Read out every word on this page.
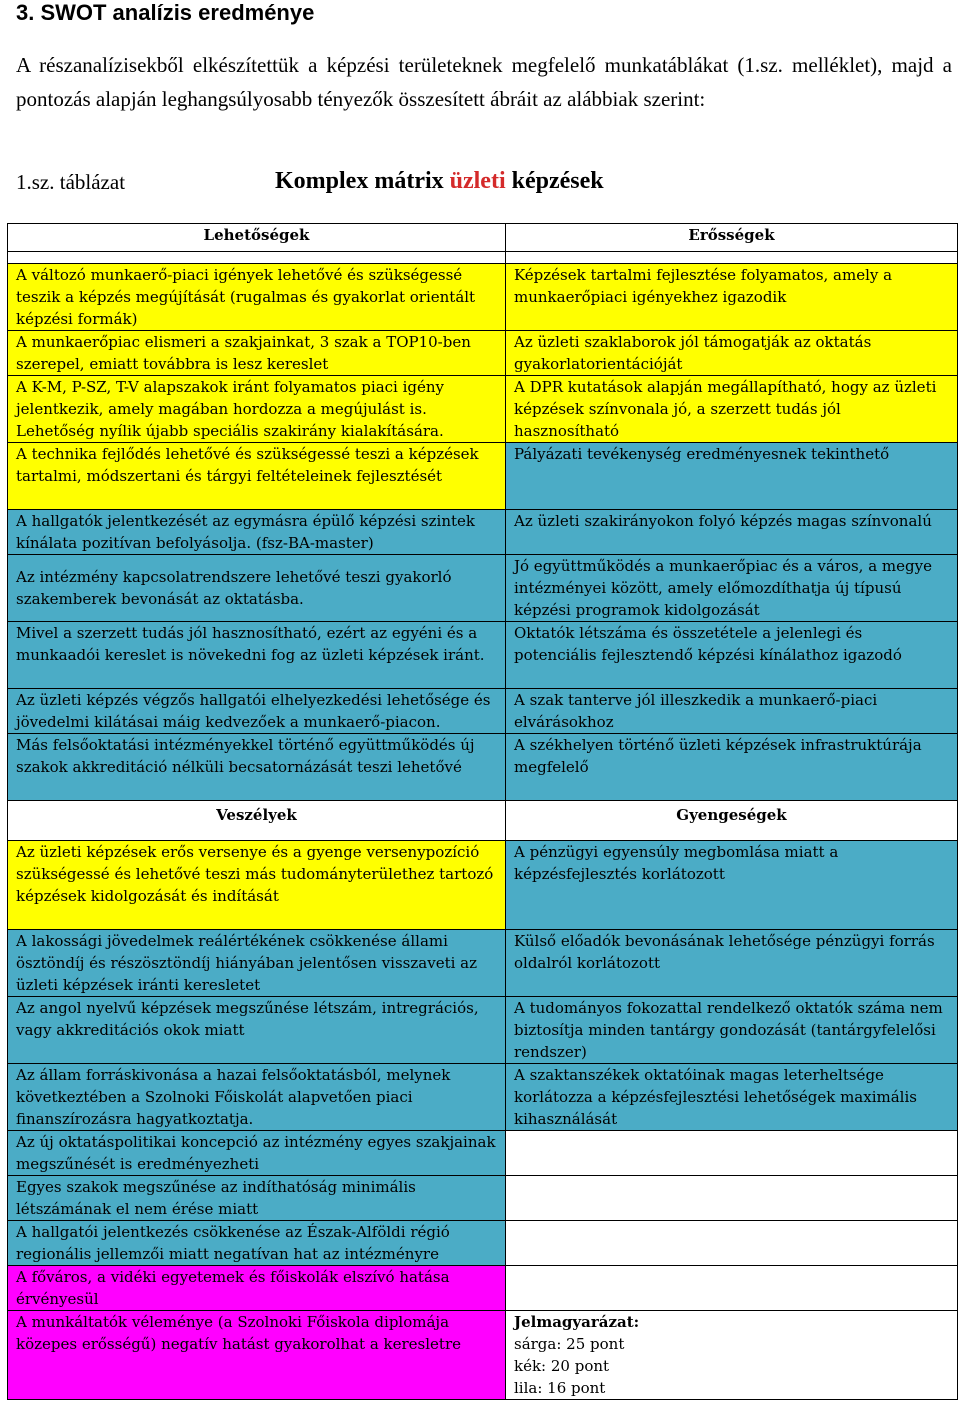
3. SWOT analízis eredménye
A részanalízisekből elkészítettük a képzési területeknek megfelelő munkatáblákat (1.sz. melléklet), majd a pontozás alapján leghangsúlyosabb tényezők összesített ábráit az alábbiak szerint:
1.sz. táblázat	Komplex mátrix üzleti képzések
Lehetőségek	Erősségek

A változó munkaerő-piaci igények lehetővé és szükségessé teszik a képzés megújítását (rugalmas és gyakorlat orientált képzési formák)	Képzések tartalmi fejlesztése folyamatos, amely a munkaerőpiaci igényekhez igazodik
A munkaerőpiac elismeri a szakjainkat, 3 szak a TOP10-ben szerepel, emiatt továbbra is lesz kereslet	Az üzleti szaklaborok jól támogatják az oktatás gyakorlatorientációját
A K-M, P-SZ, T-V alapszakok iránt folyamatos piaci igény jelentkezik, amely magában hordozza a megújulást is. Lehetőség nyílik újabb speciális szakirány kialakítására.	A DPR kutatások alapján megállapítható, hogy az üzleti képzések színvonala jó, a szerzett tudás jól hasznosítható
A technika fejlődés lehetővé és szükségessé teszi a képzések tartalmi, módszertani és tárgyi feltételeinek fejlesztését	Pályázati tevékenység eredményesnek tekinthető
A hallgatók jelentkezését az egymásra épülő képzési szintek kínálata pozitívan befolyásolja. (fsz-BA-master)	Az üzleti szakirányokon folyó képzés magas színvonalú
Az intézmény kapcsolatrendszere lehetővé teszi gyakorló szakemberek bevonását az oktatásba.	Jó együttműködés a munkaerőpiac és a város, a megye intézményei között, amely előmozdíthatja új típusú képzési programok kidolgozását
Mivel a szerzett tudás jól hasznosítható, ezért az egyéni és a munkaadói kereslet is növekedni fog az üzleti képzések iránt.	Oktatók létszáma és összetétele a jelenlegi és potenciális fejlesztendő képzési kínálathoz igazodó
Az üzleti képzés végzős hallgatói elhelyezkedési lehetősége és jövedelmi kilátásai máig kedvezőek a munkaerő-piacon.	A szak tanterve jól illeszkedik a munkaerő-piaci elvárásokhoz
Más felsőoktatási intézményekkel történő együttműködés új szakok akkreditáció nélküli becsatornázását teszi lehetővé	A székhelyen történő üzleti képzések infrastruktúrája megfelelő
Veszélyek	Gyengeségek
Az üzleti képzések erős versenye és a gyenge versenypozíció szükségessé és lehetővé teszi más tudományterülethez tartozó képzések kidolgozását és indítását	A pénzügyi egyensúly megbomlása miatt a képzésfejlesztés korlátozott
A lakossági jövedelmek reálértékének csökkenése állami ösztöndíj és részösztöndíj hiányában jelentősen visszaveti az üzleti képzések iránti keresletet	Külső előadók bevonásának lehetősége pénzügyi forrás oldalról korlátozott
Az angol nyelvű képzések megszűnése létszám, intregrációs, vagy akkreditációs okok miatt	A tudományos fokozattal rendelkező oktatók száma nem biztosítja minden tantárgy gondozását (tantárgyfelelősi rendszer)
Az állam forráskivonása a hazai felsőoktatásból, melynek következtében a Szolnoki Főiskolát alapvetően piaci finanszírozásra hagyatkoztatja.	A szaktanszékek oktatóinak magas leterheltsége korlátozza a képzésfejlesztési lehetőségek maximális kihasználását
Az új oktatáspolitikai koncepció az intézmény egyes szakjainak megszűnését is eredményezheti	
Egyes szakok megszűnése az indíthatóság minimális létszámának el nem érése miatt	
A hallgatói jelentkezés csökkenése az Észak-Alföldi régió regionális jellemzői miatt negatívan hat az intézményre	
A főváros, a vidéki egyetemek és főiskolák elszívó hatása érvényesül	
A munkáltatók véleménye (a Szolnoki Főiskola diplomája közepes erősségű) negatív hatást gyakorolhat a keresletre	Jelmagyarázat:
sárga: 25 pont
kék: 20 pont
lila: 16 pont
